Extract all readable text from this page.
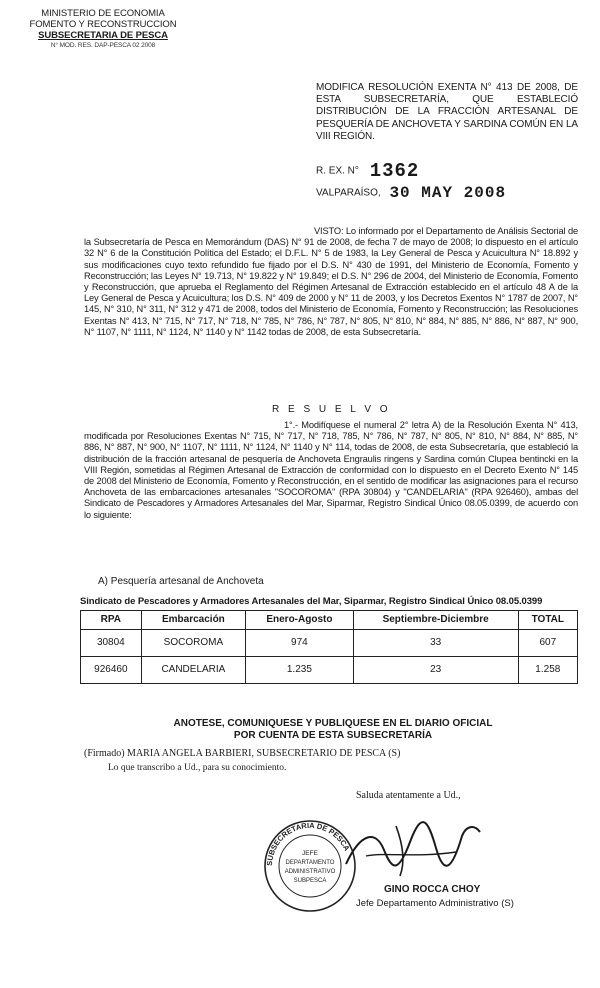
MINISTERIO DE ECONOMIA
FOMENTO Y RECONSTRUCCION
SUBSECRETARIA DE PESCA
N° MOD. RES. DAP-PESCA 02 2008
MODIFICA RESOLUCIÓN EXENTA N° 413 DE 2008, DE ESTA SUBSECRETARÍA, QUE ESTABLECIÓ DISTRIBUCIÓN DE LA FRACCIÓN ARTESANAL DE PESQUERÍA DE ANCHOVETA Y SARDINA COMÚN EN LA VIII REGIÓN.
R. EX. N° 1362
VALPARAÍSO, 30 MAY 2008
VISTO: Lo informado por el Departamento de Análisis Sectorial de la Subsecretaría de Pesca en Memorándum (DAS) N° 91 de 2008, de fecha 7 de mayo de 2008; lo dispuesto en el artículo 32 N° 6 de la Constitución Política del Estado; el D.F.L. N° 5 de 1983, la Ley General de Pesca y Acuicultura N° 18.892 y sus modificaciones cuyo texto refundido fue fijado por el D.S. N° 430 de 1991, del Ministerio de Economía, Fomento y Reconstrucción; las Leyes N° 19.713, N° 19.822 y N° 19.849; el D.S. N° 296 de 2004, del Ministerio de Economía, Fomento y Reconstrucción, que aprueba el Reglamento del Régimen Artesanal de Extracción establecido en el artículo 48 A de la Ley General de Pesca y Acuicultura; los D.S. N° 409 de 2000 y N° 11 de 2003, y los Decretos Exentos N° 1787 de 2007, N° 145, N° 310, N° 311, N° 312 y 471 de 2008, todos del Ministerio de Economía, Fomento y Reconstrucción; las Resoluciones Exentas N° 413, N° 715, N° 717, N° 718, N° 785, N° 786, N° 787, N° 805, N° 810, N° 884, N° 885, N° 886, N° 887, N° 900, N° 1107, N° 1111, N° 1124, N° 1140 y N° 1142 todas de 2008, de esta Subsecretaría.
R E S U E L V O
1°.- Modifíquese el numeral 2° letra A) de la Resolución Exenta N° 413, modificada por Resoluciones Exentas N° 715, N° 717, N° 718, 785, N° 786, N° 787, N° 805, N° 810, N° 884, N° 885, N° 886, N° 887, N° 900, N° 1107, N° 1111, N° 1124, N° 1140 y N° 114, todas de 2008, de esta Subsecretaría, que estableció la distribución de la fracción artesanal de pesquería de Anchoveta Engraulis ringens y Sardina común Clupea bentincki en la VIII Región, sometidas al Régimen Artesanal de Extracción de conformidad con lo dispuesto en el Decreto Exento N° 145 de 2008 del Ministerio de Economía, Fomento y Reconstrucción, en el sentido de modificar las asignaciones para el recurso Anchoveta de las embarcaciones artesanales "SOCOROMA" (RPA 30804) y "CANDELARIA" (RPA 926460), ambas del Sindicato de Pescadores y Armadores Artesanales del Mar, Siparmar, Registro Sindical Único 08.05.0399, de acuerdo con lo siguiente:
A) Pesquería artesanal de Anchoveta
Sindicato de Pescadores y Armadores Artesanales del Mar, Siparmar, Registro Sindical Único 08.05.0399
RPA	Embarcación	Enero-Agosto	Septiembre-Diciembre	TOTAL
30804	SOCOROMA	974	33	607
926460	CANDELARIA	1.235	23	1.258
ANOTESE, COMUNIQUESE Y PUBLIQUESE EN EL DIARIO OFICIAL
POR CUENTA DE ESTA SUBSECRETARÍA
(Firmado) MARIA ANGELA BARBIERI, SUBSECRETARIO DE PESCA (S)
Lo que transcribo a Ud., para su conocimiento.
Saluda atentamente a Ud.,
SUBSECRETARIA DE PESCA
JEFE
DEPARTAMENTO
ADMINISTRATIVO
SUBPESCA
GINO ROCCA CHOY
Jefe Departamento Administrativo (S)
